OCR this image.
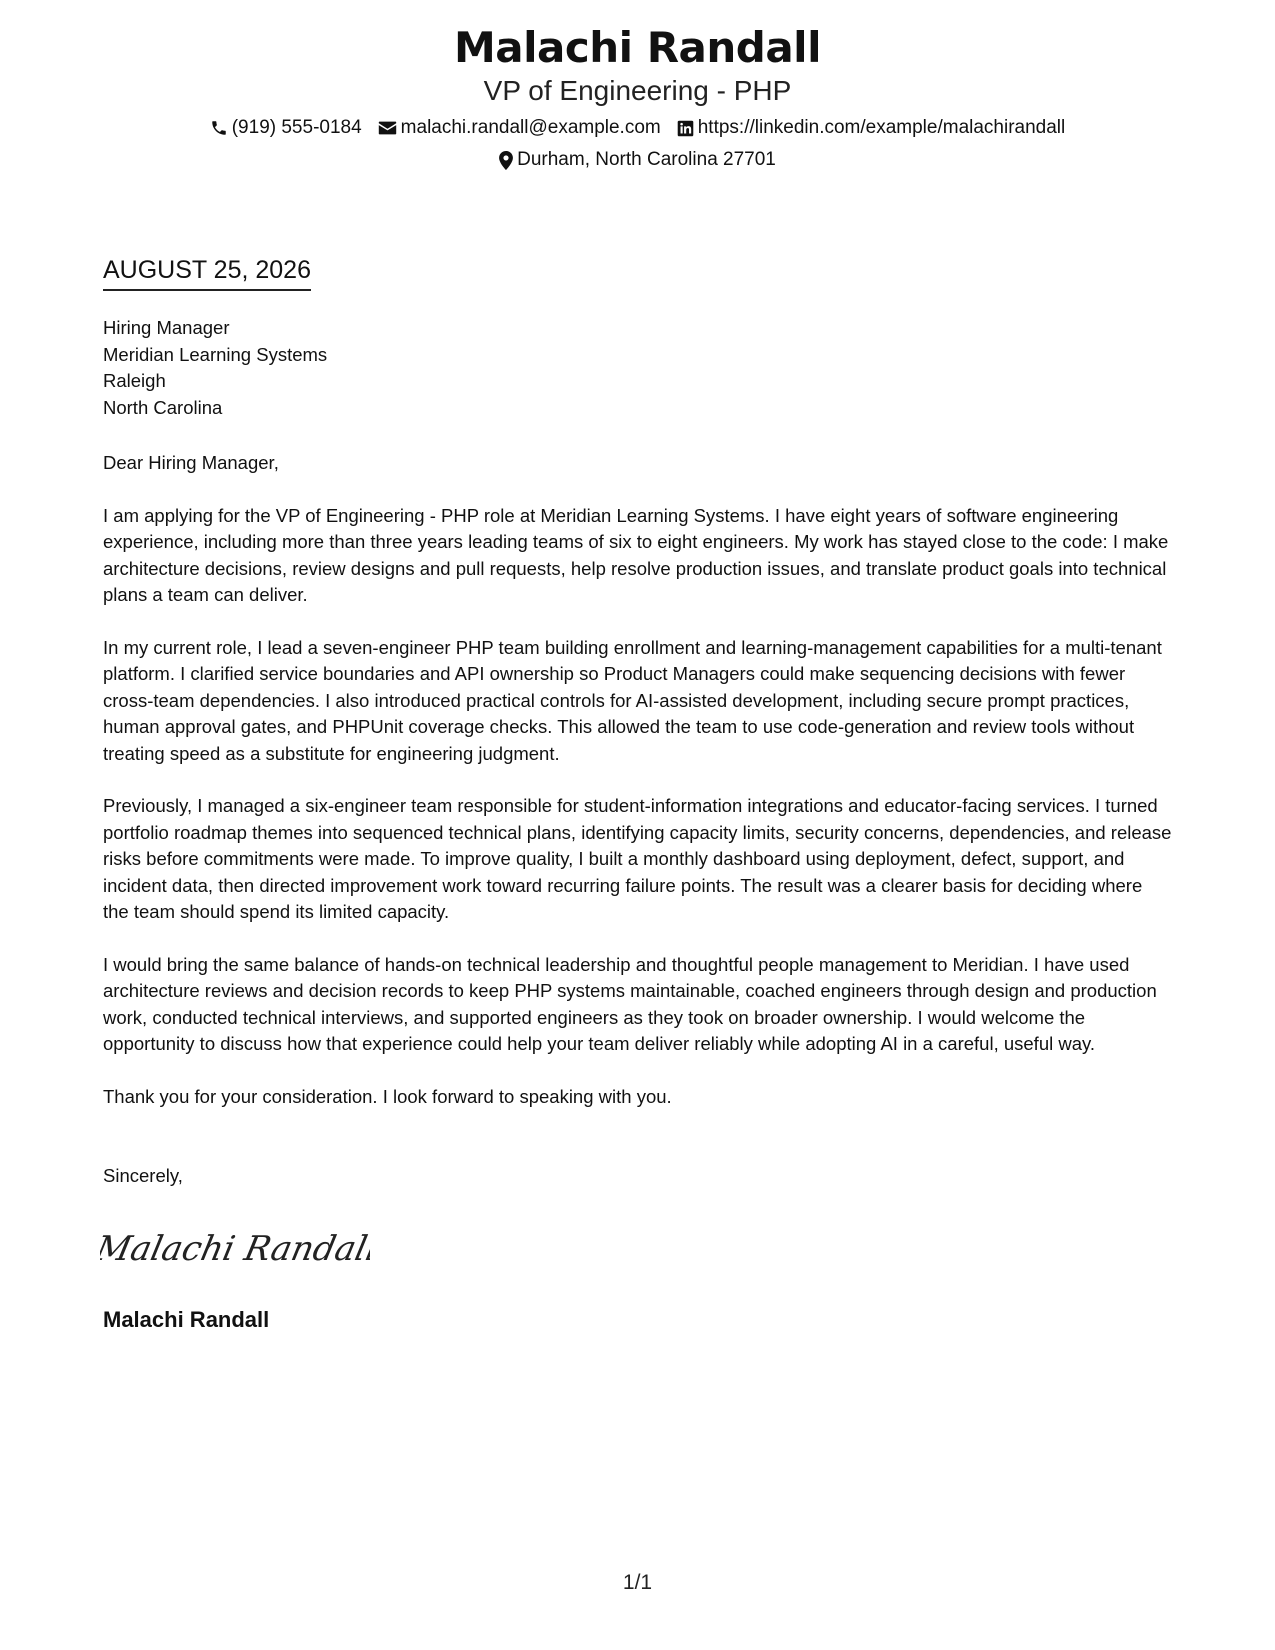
Malachi Randall
VP of Engineering - PHP
(919) 555-0184 malachi.randall@example.com https://linkedin.com/example/malachirandall
Durham, North Carolina 27701
AUGUST 25, 2026
Hiring Manager
Meridian Learning Systems
Raleigh
North Carolina

Dear Hiring Manager,

I am applying for the VP of Engineering - PHP role at Meridian Learning Systems. I have eight years of software engineering experience, including more than three years leading teams of six to eight engineers. My work has stayed close to the code: I make architecture decisions, review designs and pull requests, help resolve production issues, and translate product goals into technical plans a team can deliver.

In my current role, I lead a seven-engineer PHP team building enrollment and learning-management capabilities for a multi-tenant platform. I clarified service boundaries and API ownership so Product Managers could make sequencing decisions with fewer cross-team dependencies. I also introduced practical controls for AI-assisted development, including secure prompt practices, human approval gates, and PHPUnit coverage checks. This allowed the team to use code-generation and review tools without treating speed as a substitute for engineering judgment.

Previously, I managed a six-engineer team responsible for student-information integrations and educator-facing services. I turned portfolio roadmap themes into sequenced technical plans, identifying capacity limits, security concerns, dependencies, and release risks before commitments were made. To improve quality, I built a monthly dashboard using deployment, defect, support, and incident data, then directed improvement work toward recurring failure points. The result was a clearer basis for deciding where the team should spend its limited capacity.

I would bring the same balance of hands-on technical leadership and thoughtful people management to Meridian. I have used architecture reviews and decision records to keep PHP systems maintainable, coached engineers through design and production work, conducted technical interviews, and supported engineers as they took on broader ownership. I would welcome the opportunity to discuss how that experience could help your team deliver reliably while adopting AI in a careful, useful way.

Thank you for your consideration. I look forward to speaking with you.

Sincerely,
Malachi Randall
Malachi Randall
1/1
